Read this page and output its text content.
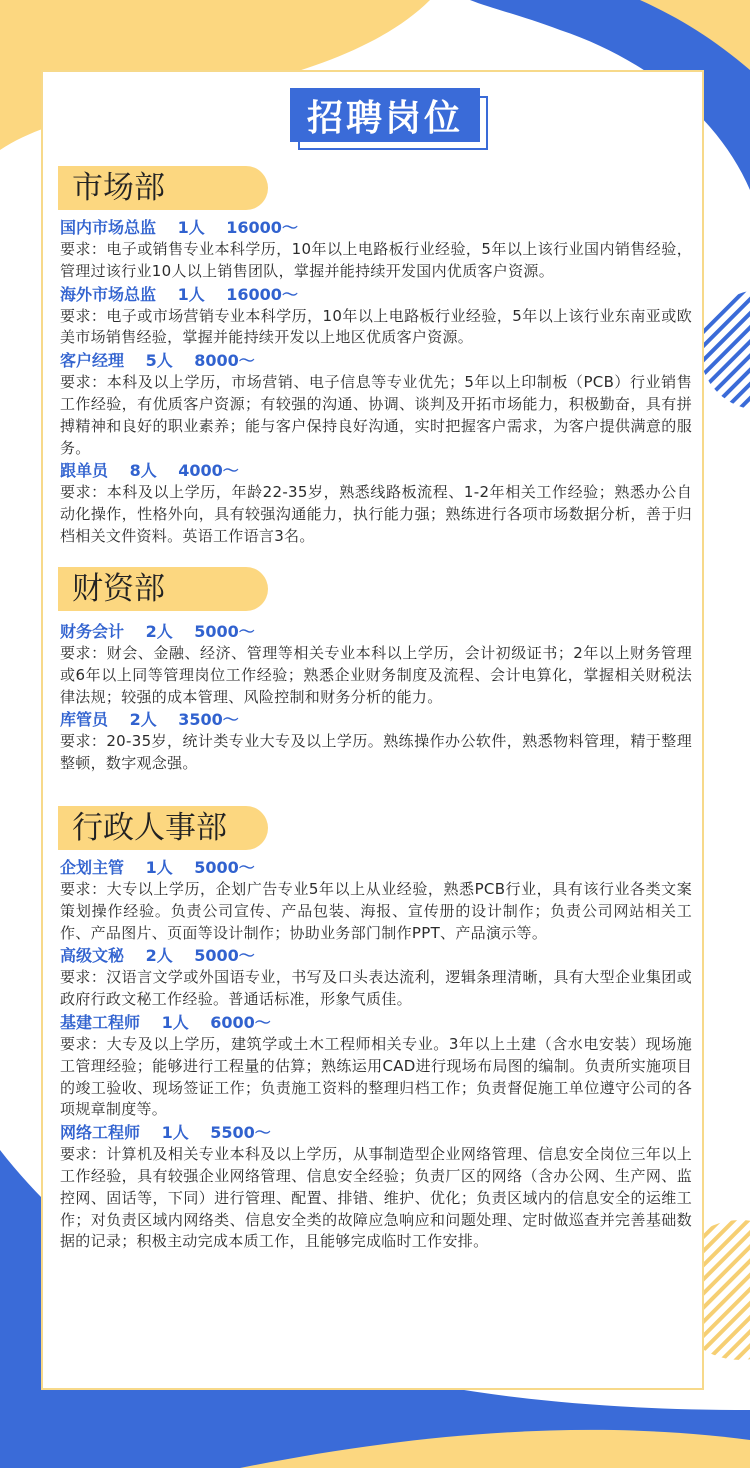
招聘岗位
市场部
国内市场总监　 1人　 16000～
要求：电子或销售专业本科学历，10年以上电路板行业经验，5年以上该行业国内销售经验，管理过该行业10人以上销售团队，掌握并能持续开发国内优质客户资源。
海外市场总监　 1人　 16000～
要求：电子或市场营销专业本科学历，10年以上电路板行业经验，5年以上该行业东南亚或欧美市场销售经验，掌握并能持续开发以上地区优质客户资源。
客户经理　 5人　 8000～
要求：本科及以上学历，市场营销、电子信息等专业优先；5年以上印制板（PCB）行业销售工作经验，有优质客户资源；有较强的沟通、协调、谈判及开拓市场能力，积极勤奋，具有拼搏精神和良好的职业素养；能与客户保持良好沟通，实时把握客户需求，为客户提供满意的服务。
跟单员　 8人　 4000～
要求：本科及以上学历，年龄22-35岁，熟悉线路板流程、1-2年相关工作经验；熟悉办公自动化操作，性格外向，具有较强沟通能力，执行能力强；熟练进行各项市场数据分析，善于归档相关文件资料。英语工作语言3名。
财资部
财务会计　 2人　 5000～
要求：财会、金融、经济、管理等相关专业本科以上学历，会计初级证书；2年以上财务管理或6年以上同等管理岗位工作经验；熟悉企业财务制度及流程、会计电算化，掌握相关财税法律法规；较强的成本管理、风险控制和财务分析的能力。
库管员　 2人　 3500～
要求：20-35岁，统计类专业大专及以上学历。熟练操作办公软件，熟悉物料管理，精于整理整顿，数字观念强。
行政人事部
企划主管　 1人　 5000～
要求：大专以上学历，企划广告专业5年以上从业经验，熟悉PCB行业，具有该行业各类文案策划操作经验。负责公司宣传、产品包装、海报、宣传册的设计制作；负责公司网站相关工作、产品图片、页面等设计制作；协助业务部门制作PPT、产品演示等。
高级文秘　 2人　 5000～
要求：汉语言文学或外国语专业，书写及口头表达流利，逻辑条理清晰，具有大型企业集团或政府行政文秘工作经验。普通话标准，形象气质佳。
基建工程师　 1人　 6000～
要求：大专及以上学历，建筑学或土木工程师相关专业。3年以上土建（含水电安装）现场施工管理经验；能够进行工程量的估算；熟练运用CAD进行现场布局图的编制。负责所实施项目的竣工验收、现场签证工作；负责施工资料的整理归档工作；负责督促施工单位遵守公司的各项规章制度等。
网络工程师　 1人　 5500～
要求：计算机及相关专业本科及以上学历，从事制造型企业网络管理、信息安全岗位三年以上工作经验，具有较强企业网络管理、信息安全经验；负责厂区的网络（含办公网、生产网、监控网、固话等，下同）进行管理、配置、排错、维护、优化；负责区域内的信息安全的运维工作；对负责区域内网络类、信息安全类的故障应急响应和问题处理、定时做巡查并完善基础数据的记录；积极主动完成本质工作，且能够完成临时工作安排。
